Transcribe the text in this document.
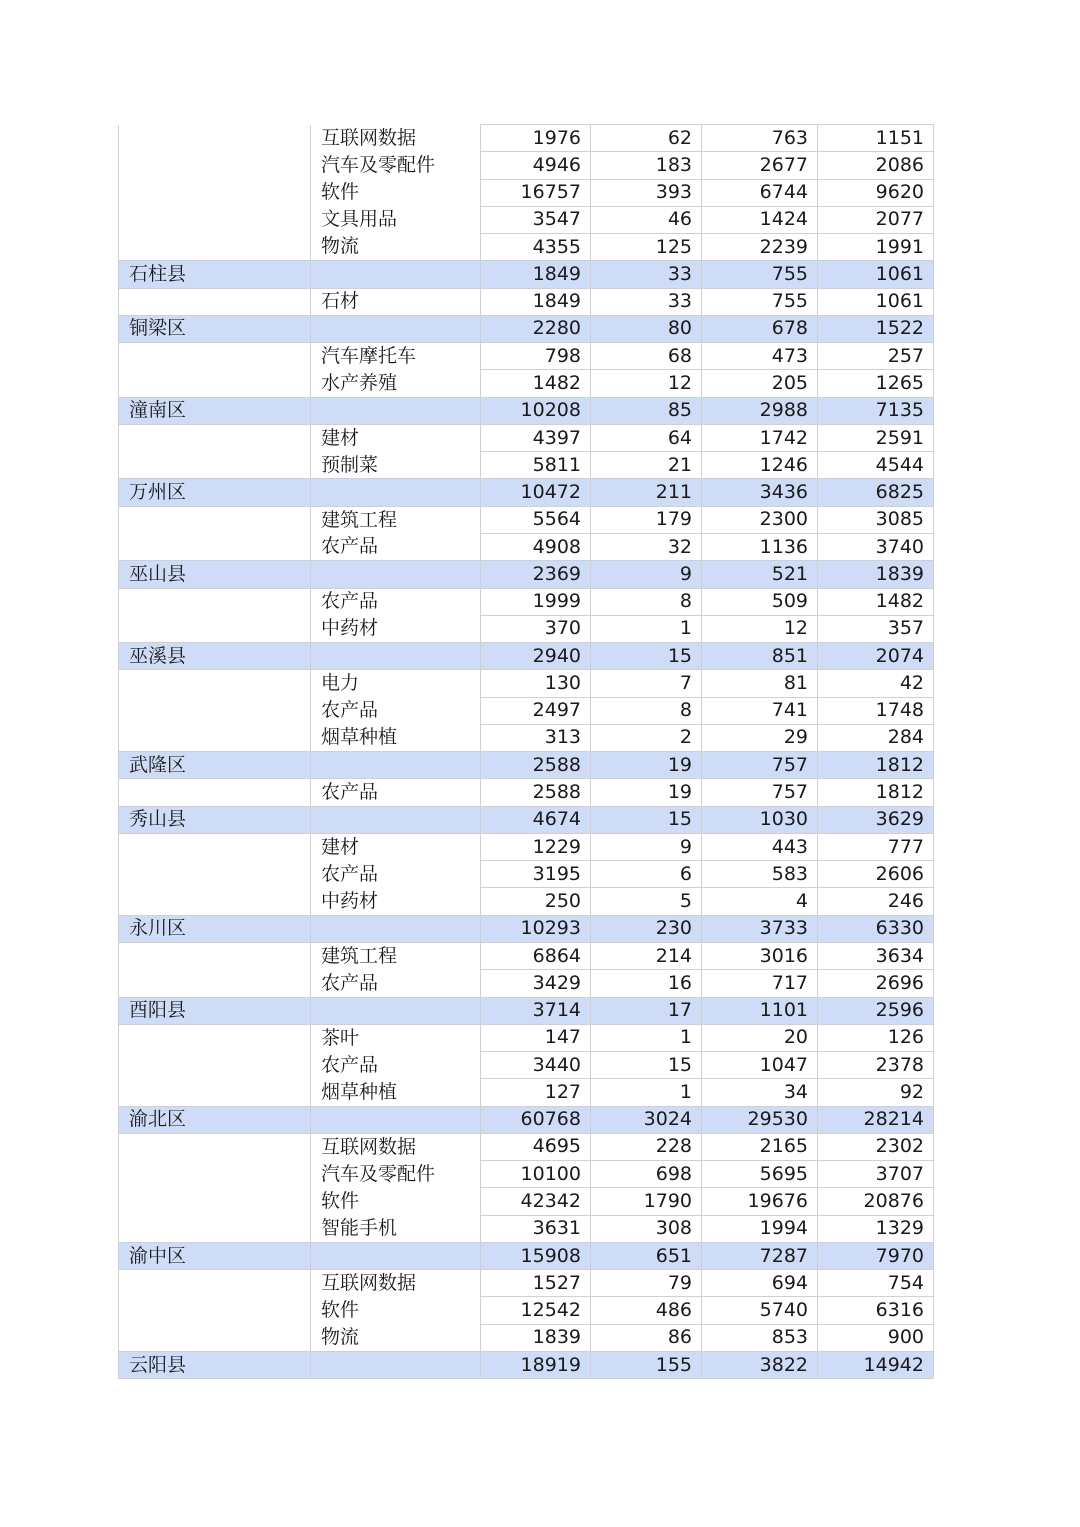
	互联网数据	1976	62	763	1151
	汽车及零配件	4946	183	2677	2086
	软件	16757	393	6744	9620
	文具用品	3547	46	1424	2077
	物流	4355	125	2239	1991
石柱县		1849	33	755	1061
	石材	1849	33	755	1061
铜梁区		2280	80	678	1522
	汽车摩托车	798	68	473	257
	水产养殖	1482	12	205	1265
潼南区		10208	85	2988	7135
	建材	4397	64	1742	2591
	预制菜	5811	21	1246	4544
万州区		10472	211	3436	6825
	建筑工程	5564	179	2300	3085
	农产品	4908	32	1136	3740
巫山县		2369	9	521	1839
	农产品	1999	8	509	1482
	中药材	370	1	12	357
巫溪县		2940	15	851	2074
	电力	130	7	81	42
	农产品	2497	8	741	1748
	烟草种植	313	2	29	284
武隆区		2588	19	757	1812
	农产品	2588	19	757	1812
秀山县		4674	15	1030	3629
	建材	1229	9	443	777
	农产品	3195	6	583	2606
	中药材	250	5	4	246
永川区		10293	230	3733	6330
	建筑工程	6864	214	3016	3634
	农产品	3429	16	717	2696
酉阳县		3714	17	1101	2596
	茶叶	147	1	20	126
	农产品	3440	15	1047	2378
	烟草种植	127	1	34	92
渝北区		60768	3024	29530	28214
	互联网数据	4695	228	2165	2302
	汽车及零配件	10100	698	5695	3707
	软件	42342	1790	19676	20876
	智能手机	3631	308	1994	1329
渝中区		15908	651	7287	7970
	互联网数据	1527	79	694	754
	软件	12542	486	5740	6316
	物流	1839	86	853	900
云阳县		18919	155	3822	14942
